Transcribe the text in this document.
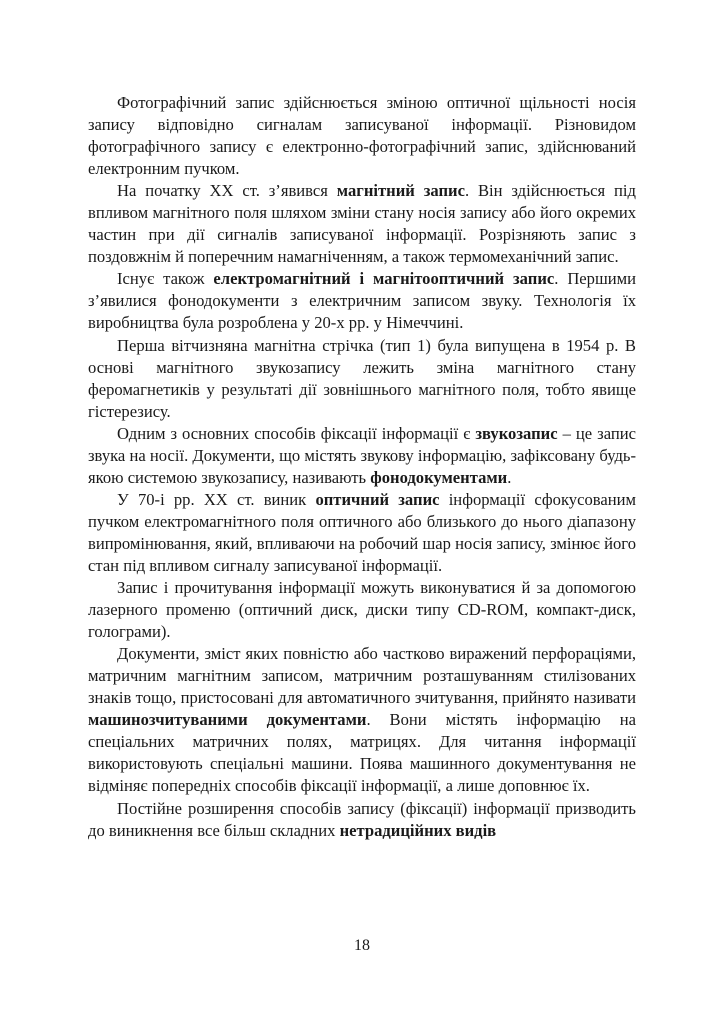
Фотографічний запис здійснюється зміною оптичної щільності носія запису відповідно сигналам записуваної інформації. Різновидом фотографічного запису є електронно-фотографічний запис, здійснюваний електронним пучком.

На початку ХХ ст. з’явився магнітний запис. Він здійснюється під впливом магнітного поля шляхом зміни стану носія запису або його окремих частин при дії сигналів записуваної інформації. Розрізняють запис з поздовжнім й поперечним намагніченням, а також термомеханічний запис.

Існує також електромагнітний і магнітооптичний запис. Першими з’явилися фонодокументи з електричним записом звуку. Технологія їх виробництва була розроблена у 20-х рр. у Німеччині.

Перша вітчизняна магнітна стрічка (тип 1) була випущена в 1954 р. В основі магнітного звукозапису лежить зміна магнітного стану феромагнетиків у результаті дії зовнішнього магнітного поля, тобто явище гістерезису.

Одним з основних способів фіксації інформації є звукозапис – це запис звука на носії. Документи, що містять звукову інформацію, зафіксовану будь-якою системою звукозапису, називають фонодокументами.

У 70-і рр. ХХ ст. виник оптичний запис інформації сфокусованим пучком електромагнітного поля оптичного або близького до нього діапазону випромінювання, який, впливаючи на робочий шар носія запису, змінює його стан під впливом сигналу записуваної інформації.

Запис і прочитування інформації можуть виконуватися й за допомогою лазерного променю (оптичний диск, диски типу CD-ROM, компакт-диск, голограми).

Документи, зміст яких повністю або частково виражений перфораціями, матричним магнітним записом, матричним розташуванням стилізованих знаків тощо, пристосовані для автоматичного зчитування, прийнято називати машинозчитуваними документами. Вони містять інформацію на спеціальних матричних полях, матрицях. Для читання інформації використовують спеціальні машини. Поява машинного документування не відміняє попередніх способів фіксації інформації, а лише доповнює їх.

Постійне розширення способів запису (фіксації) інформації призводить до виникнення все більш складних нетрадиційних видів

18
